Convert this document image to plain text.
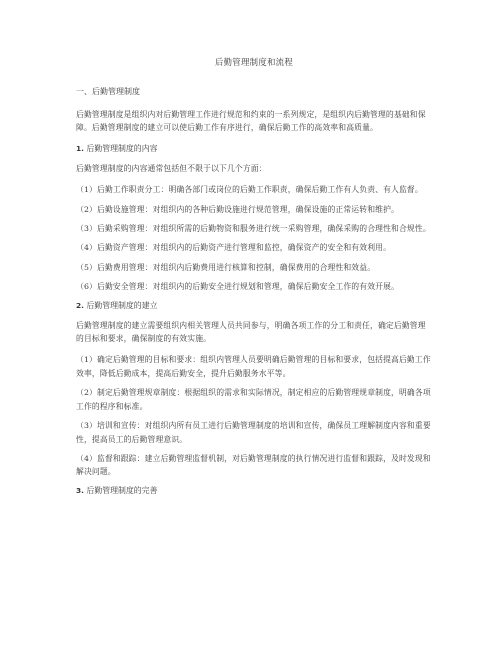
后勤管理制度和流程
一、后勤管理制度
后勤管理制度是组织内对后勤管理工作进行规范和约束的一系列规定，是组织内后勤管理的基础和保障。后勤管理制度的建立可以使后勤工作有序进行，确保后勤工作的高效率和高质量。
1. 后勤管理制度的内容
后勤管理制度的内容通常包括但不限于以下几个方面：
（1）后勤工作职责分工：明确各部门或岗位的后勤工作职责，确保后勤工作有人负责、有人监督。
（2）后勤设施管理：对组织内的各种后勤设施进行规范管理，确保设施的正常运转和维护。
（3）后勤采购管理：对组织所需的后勤物资和服务进行统一采购管理，确保采购的合理性和合规性。
（4）后勤资产管理：对组织内的后勤资产进行管理和监控，确保资产的安全和有效利用。
（5）后勤费用管理：对组织内后勤费用进行核算和控制，确保费用的合理性和效益。
（6）后勤安全管理：对组织内的后勤安全进行规划和管理，确保后勤安全工作的有效开展。
2. 后勤管理制度的建立
后勤管理制度的建立需要组织内相关管理人员共同参与，明确各项工作的分工和责任，确定后勤管理的目标和要求，确保制度的有效实施。
（1）确定后勤管理的目标和要求：组织内管理人员要明确后勤管理的目标和要求，包括提高后勤工作效率，降低后勤成本，提高后勤安全，提升后勤服务水平等。
（2）制定后勤管理规章制度：根据组织的需求和实际情况，制定相应的后勤管理规章制度，明确各项工作的程序和标准。
（3）培训和宣传：对组织内所有员工进行后勤管理制度的培训和宣传，确保员工理解制度内容和重要性，提高员工的后勤管理意识。
（4）监督和跟踪：建立后勤管理监督机制，对后勤管理制度的执行情况进行监督和跟踪，及时发现和解决问题。
3. 后勤管理制度的完善
